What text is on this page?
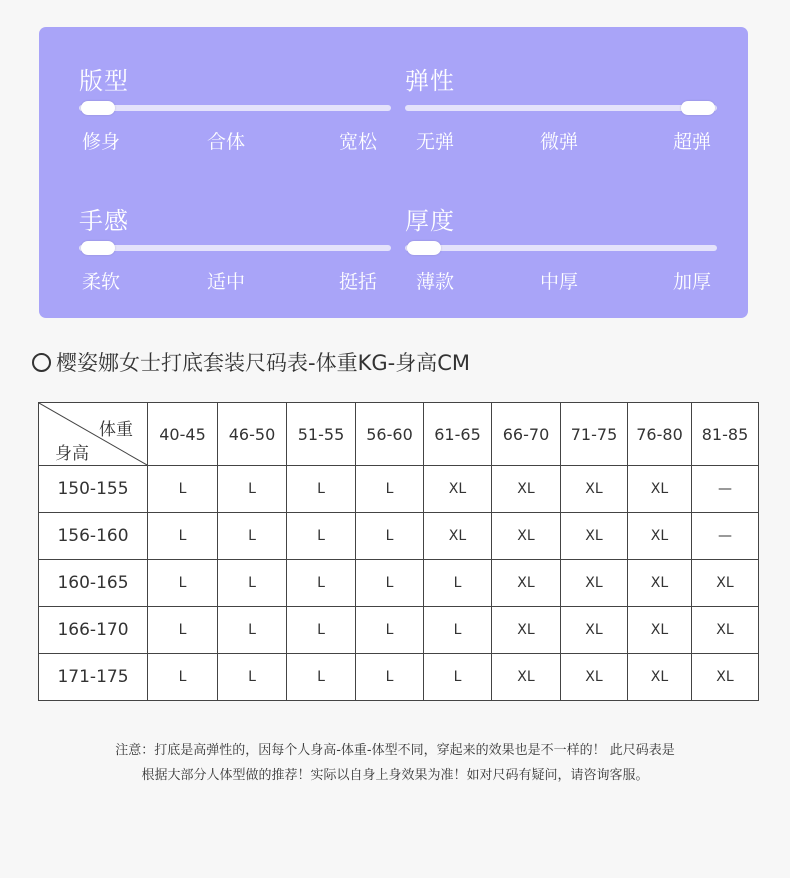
版型
修身	合体	宽松
弹性
无弹	微弹	超弹
手感
柔软	适中	挺括
厚度
薄款	中厚	加厚
樱姿娜女士打底套装尺码表-体重KG-身高CM
体重
身高	40-45	46-50	51-55	56-60	61-65	66-70	71-75	76-80	81-85
150-155	L	L	L	L	XL	XL	XL	XL	—
156-160	L	L	L	L	XL	XL	XL	XL	—
160-165	L	L	L	L	L	XL	XL	XL	XL
166-170	L	L	L	L	L	XL	XL	XL	XL
171-175	L	L	L	L	L	XL	XL	XL	XL
注意：打底是高弹性的，因每个人身高-体重-体型不同，穿起来的效果也是不一样的！ 此尺码表是
根据大部分人体型做的推荐！实际以自身上身效果为准！如对尺码有疑问，请咨询客服。
